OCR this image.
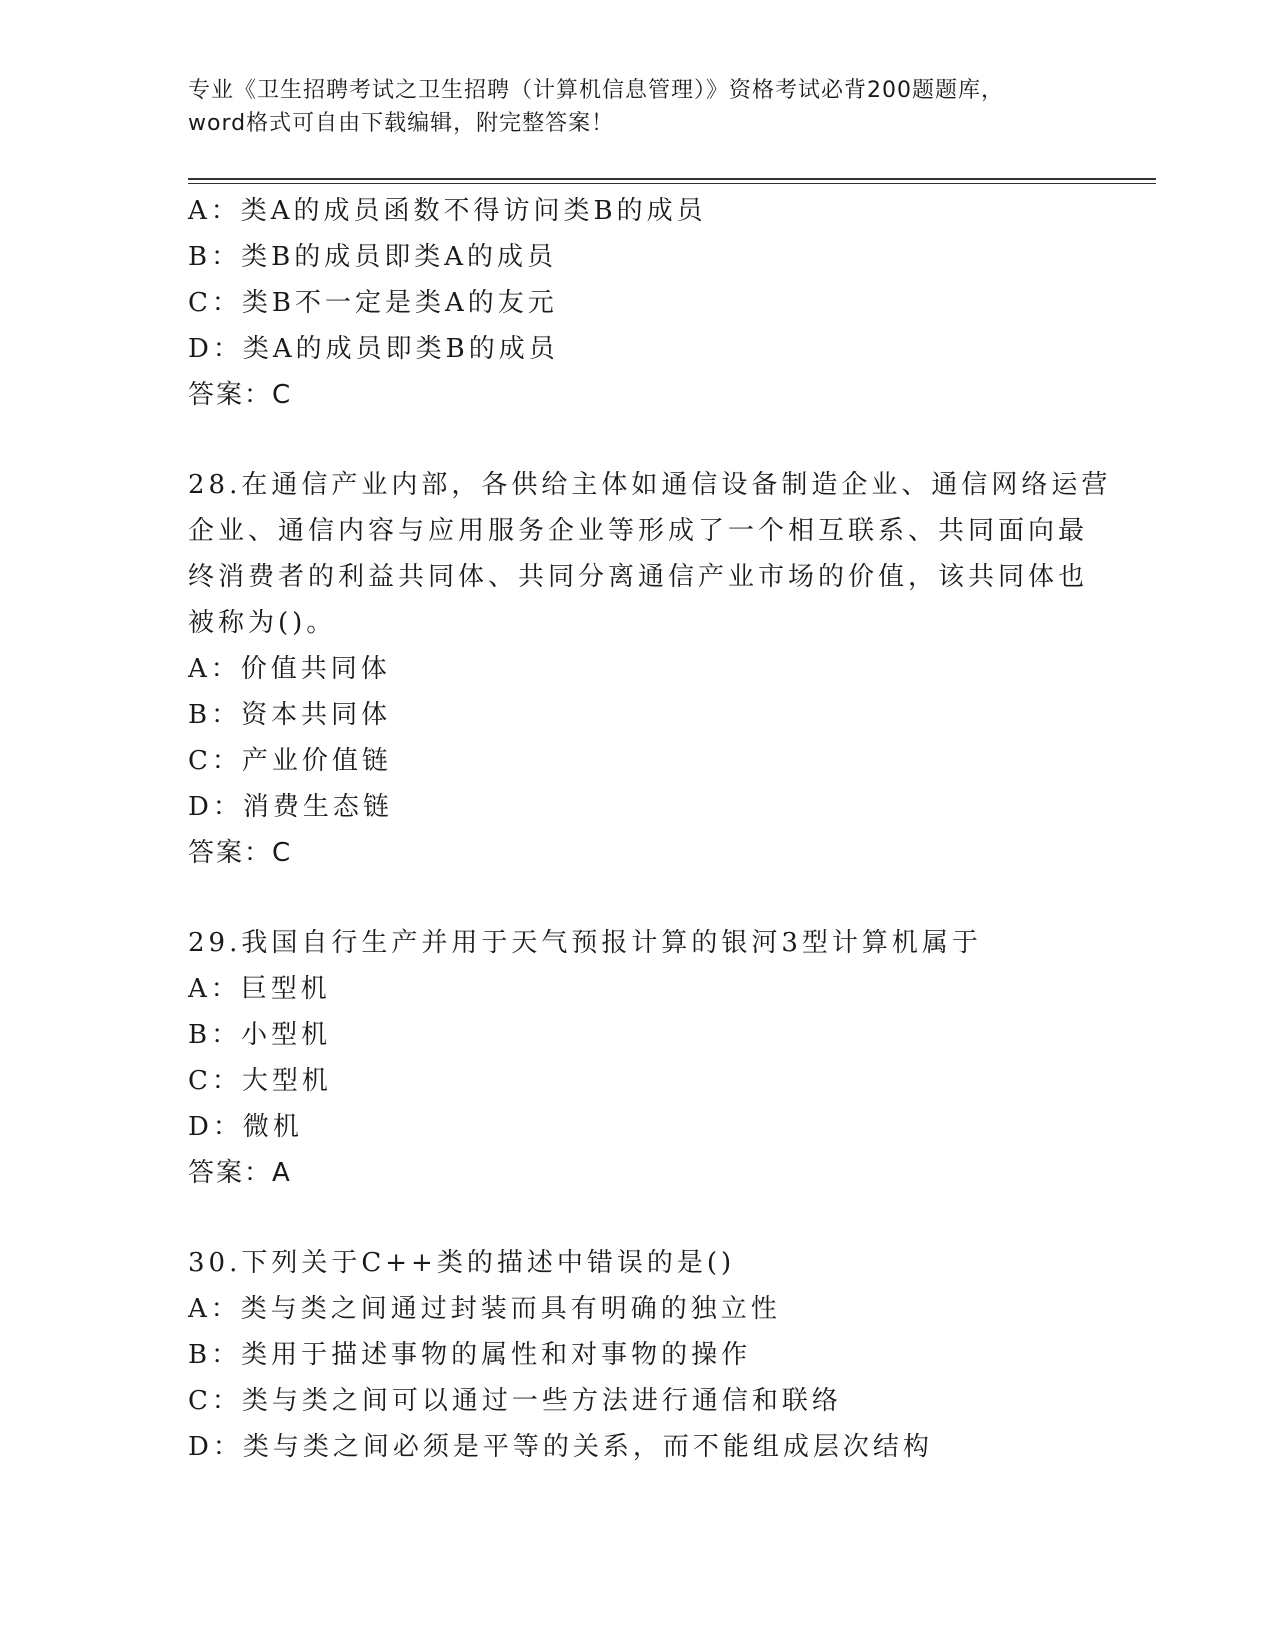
专业《卫生招聘考试之卫生招聘（计算机信息管理）》资格考试必背200题题库，
word格式可自由下载编辑，附完整答案！
A：类A的成员函数不得访问类B的成员
B：类B的成员即类A的成员
C：类B不一定是类A的友元
D：类A的成员即类B的成员
答案：C
28.在通信产业内部，各供给主体如通信设备制造企业、通信网络运营
企业、通信内容与应用服务企业等形成了一个相互联系、共同面向最
终消费者的利益共同体、共同分离通信产业市场的价值，该共同体也
被称为()。
A：价值共同体
B：资本共同体
C：产业价值链
D：消费生态链
答案：C
29.我国自行生产并用于天气预报计算的银河3型计算机属于
A：巨型机
B：小型机
C：大型机
D：微机
答案：A
30.下列关于C++类的描述中错误的是()
A：类与类之间通过封装而具有明确的独立性
B：类用于描述事物的属性和对事物的操作
C：类与类之间可以通过一些方法进行通信和联络
D：类与类之间必须是平等的关系，而不能组成层次结构
